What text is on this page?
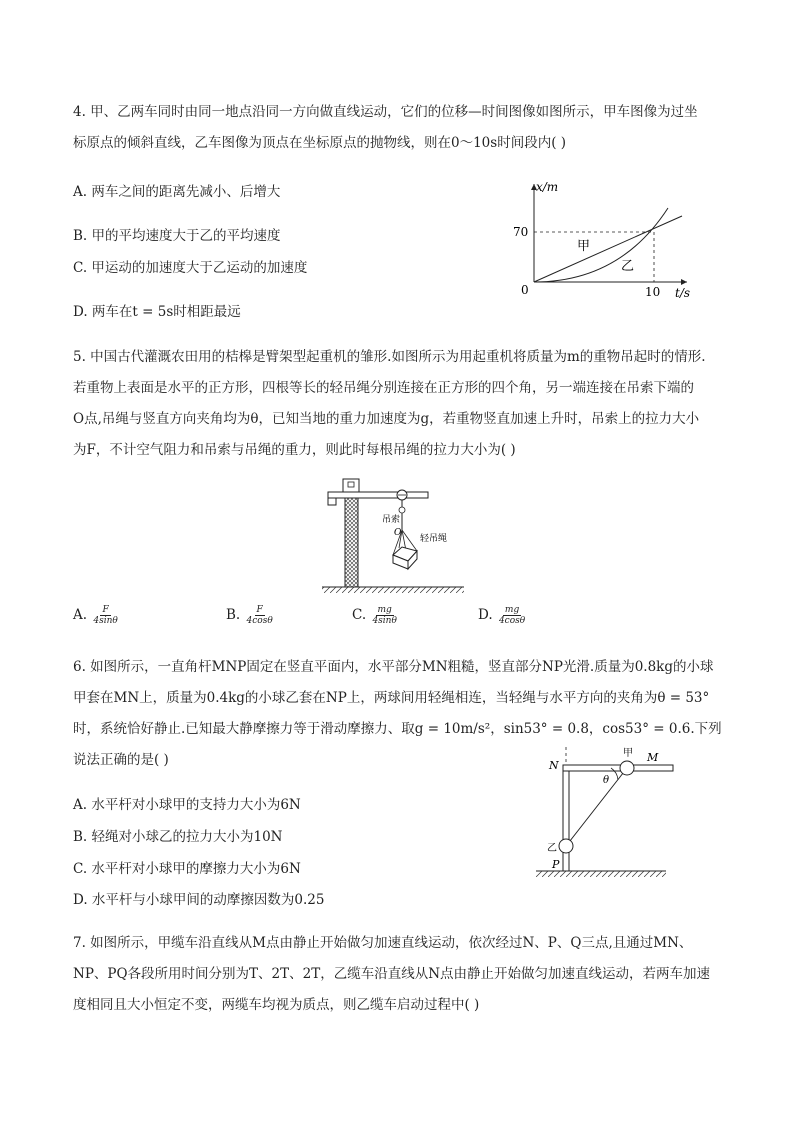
4. 甲、乙两车同时由同一地点沿同一方向做直线运动，它们的位移—时间图像如图所示，甲车图像为过坐
标原点的倾斜直线，乙车图像为顶点在坐标原点的抛物线，则在0～10s时间段内( )
A. 两车之间的距离先减小、后增大
B. 甲的平均速度大于乙的平均速度
C. 甲运动的加速度大于乙运动的加速度
D. 两车在t = 5s时相距最远
x/m
t/s
0
70
10
甲
乙
5. 中国古代灌溉农田用的桔槔是臂架型起重机的雏形.如图所示为用起重机将质量为m的重物吊起时的情形.
若重物上表面是水平的正方形，四根等长的轻吊绳分别连接在正方形的四个角，另一端连接在吊索下端的
O点,吊绳与竖直方向夹角均为θ，已知当地的重力加速度为g，若重物竖直加速上升时，吊索上的拉力大小
为F，不计空气阻力和吊索与吊绳的重力，则此时每根吊绳的拉力大小为( )
吊索
O
轻吊绳
A. $\frac{F}{4\sin\theta}$	B. $\frac{F}{4\cos\theta}$	C. $\frac{mg}{4\sin\theta}$	D. $\frac{mg}{4\cos\theta}$
6. 如图所示，一直角杆MNP固定在竖直平面内，水平部分MN粗糙，竖直部分NP光滑.质量为0.8kg的小球
甲套在MN上，质量为0.4kg的小球乙套在NP上，两球间用轻绳相连，当轻绳与水平方向的夹角为θ = 53°
时，系统恰好静止.已知最大静摩擦力等于滑动摩擦力、取g = 10m/s²，sin53° = 0.8，cos53° = 0.6.下列
说法正确的是( )
A. 水平杆对小球甲的支持力大小为6N
B. 轻绳对小球乙的拉力大小为10N
C. 水平杆对小球甲的摩擦力大小为6N
D. 水平杆与小球甲间的动摩擦因数为0.25
N
M
P
甲
乙
θ
7. 如图所示，甲缆车沿直线从M点由静止开始做匀加速直线运动，依次经过N、P、Q三点,且通过MN、
NP、PQ各段所用时间分别为T、2T、2T，乙缆车沿直线从N点由静止开始做匀加速直线运动，若两车加速
度相同且大小恒定不变，两缆车均视为质点，则乙缆车启动过程中( )
